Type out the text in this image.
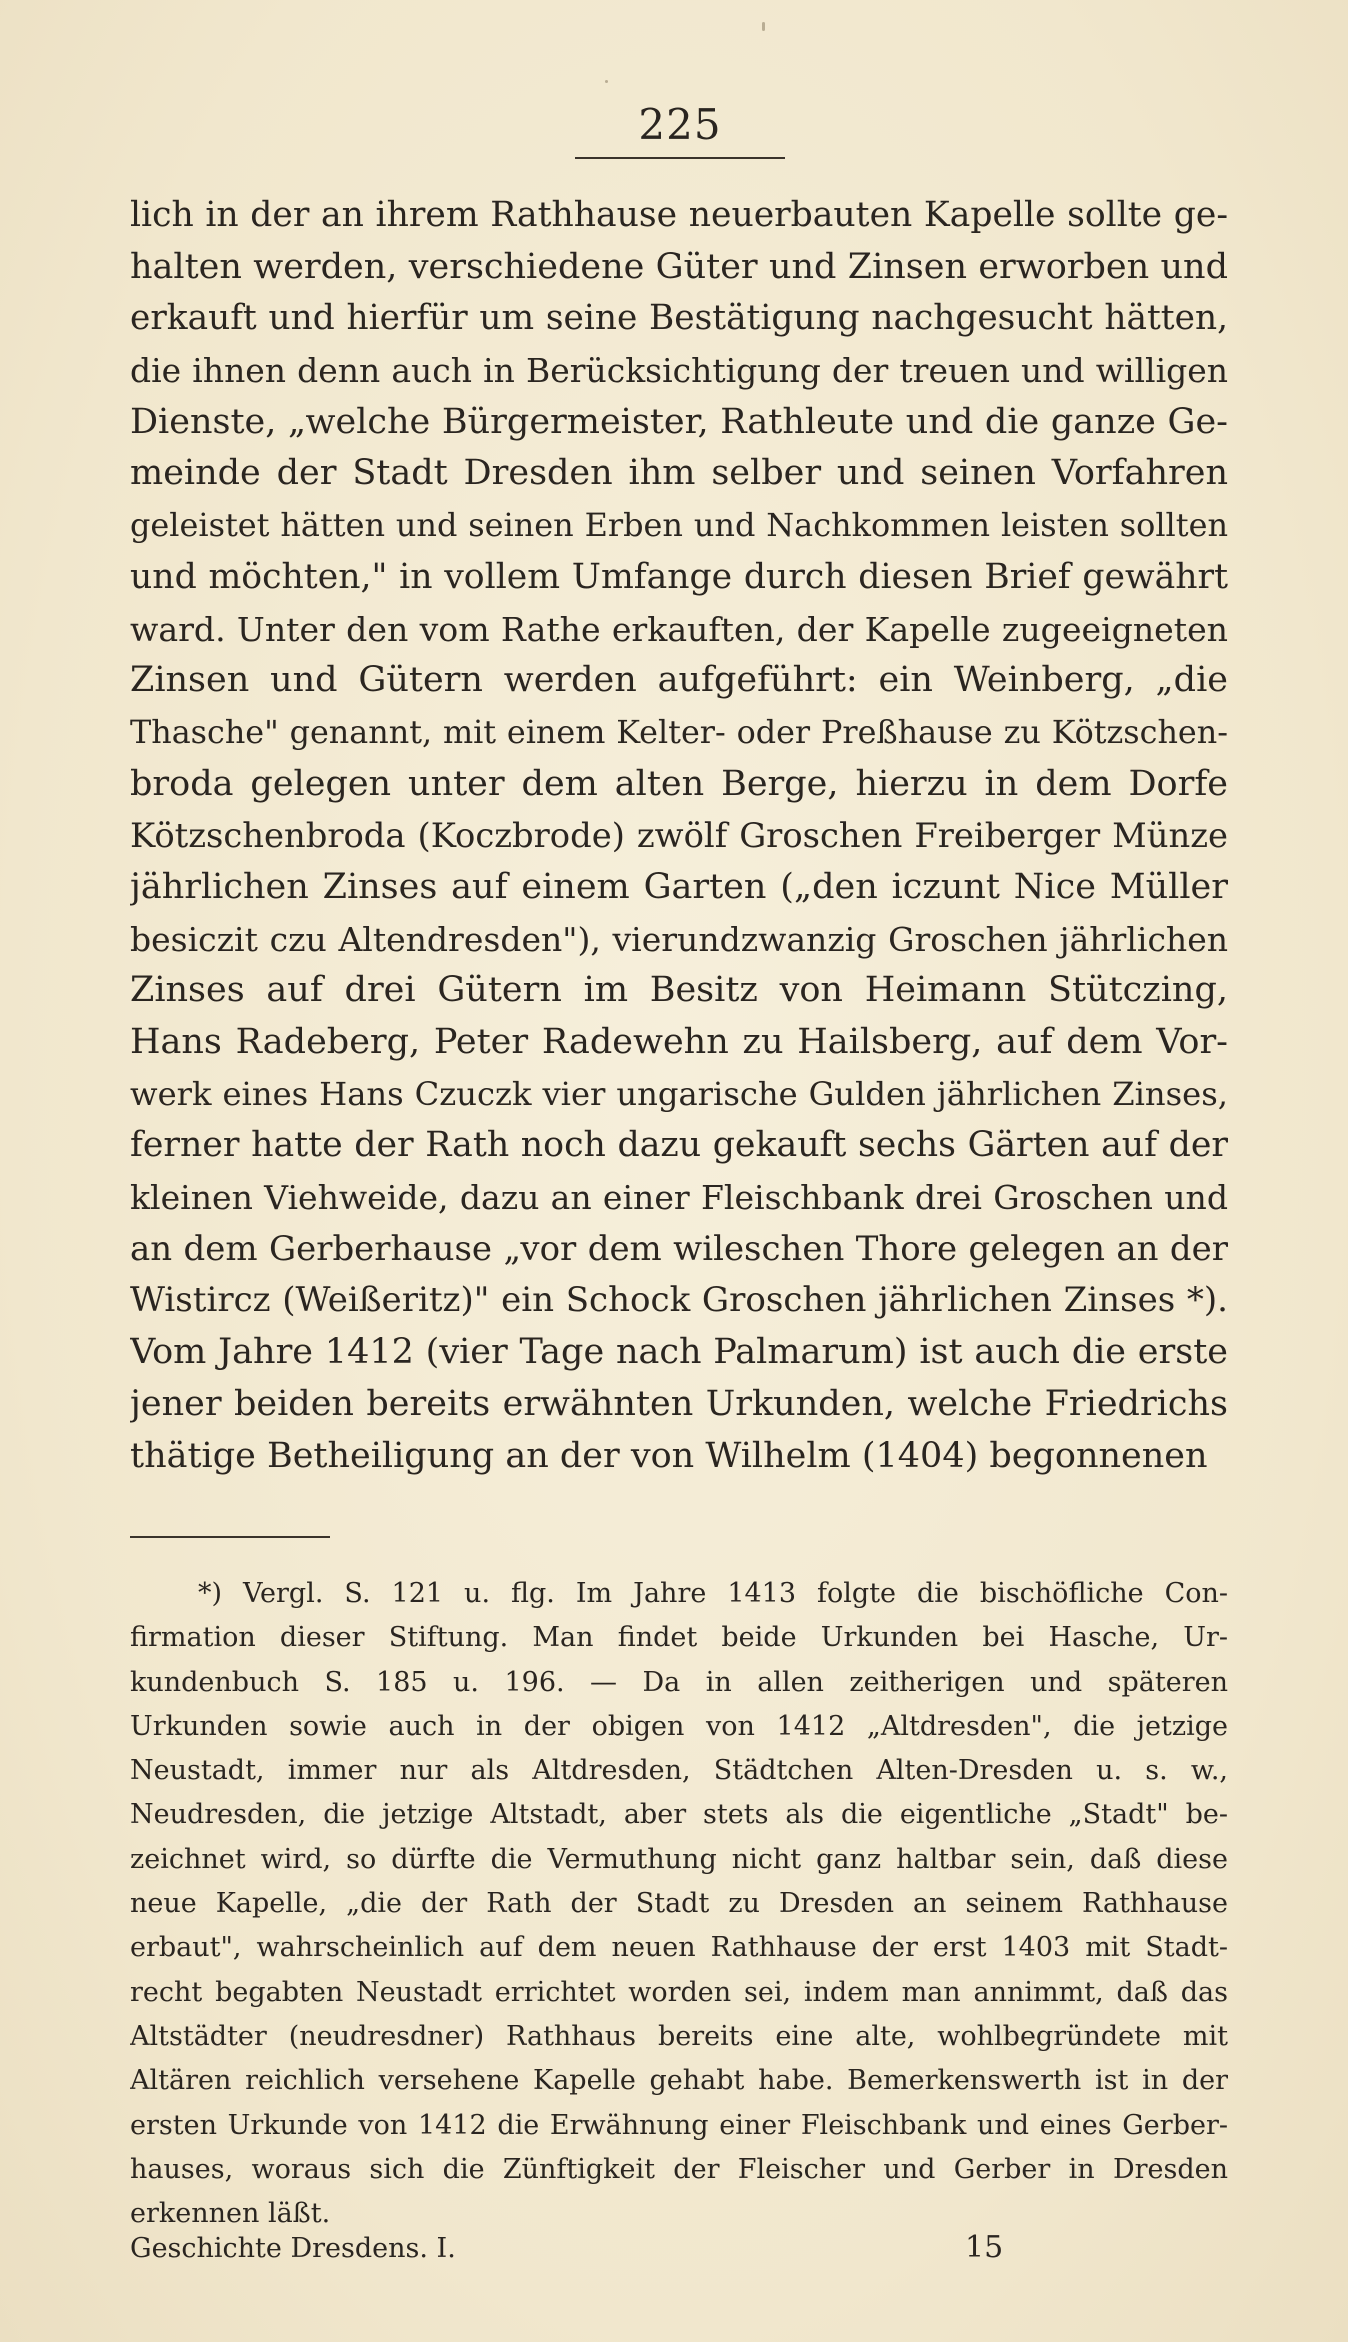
225
lich in der an ihrem Rathhause neuerbauten Kapelle sollte ge-
halten werden, verschiedene Güter und Zinsen erworben und
erkauft und hierfür um seine Bestätigung nachgesucht hätten,
die ihnen denn auch in Berücksichtigung der treuen und willigen
Dienste, „welche Bürgermeister, Rathleute und die ganze Ge-
meinde der Stadt Dresden ihm selber und seinen Vorfahren
geleistet hätten und seinen Erben und Nachkommen leisten sollten
und möchten," in vollem Umfange durch diesen Brief gewährt
ward. Unter den vom Rathe erkauften, der Kapelle zugeeigneten
Zinsen und Gütern werden aufgeführt: ein Weinberg, „die
Thasche" genannt, mit einem Kelter- oder Preßhause zu Kötzschen-
broda gelegen unter dem alten Berge, hierzu in dem Dorfe
Kötzschenbroda (Koczbrode) zwölf Groschen Freiberger Münze
jährlichen Zinses auf einem Garten („den iczunt Nice Müller
besiczit czu Altendresden"), vierundzwanzig Groschen jährlichen
Zinses auf drei Gütern im Besitz von Heimann Stütczing,
Hans Radeberg, Peter Radewehn zu Hailsberg, auf dem Vor-
werk eines Hans Czuczk vier ungarische Gulden jährlichen Zinses,
ferner hatte der Rath noch dazu gekauft sechs Gärten auf der
kleinen Viehweide, dazu an einer Fleischbank drei Groschen und
an dem Gerberhause „vor dem wileschen Thore gelegen an der
Wistircz (Weißeritz)" ein Schock Groschen jährlichen Zinses *).
Vom Jahre 1412 (vier Tage nach Palmarum) ist auch die erste
jener beiden bereits erwähnten Urkunden, welche Friedrichs
thätige Betheiligung an der von Wilhelm (1404) begonnenen
*) Vergl. S. 121 u. flg. Im Jahre 1413 folgte die bischöfliche Con-
firmation dieser Stiftung. Man findet beide Urkunden bei Hasche, Ur-
kundenbuch S. 185 u. 196. — Da in allen zeitherigen und späteren
Urkunden sowie auch in der obigen von 1412 „Altdresden", die jetzige
Neustadt, immer nur als Altdresden, Städtchen Alten-Dresden u. s. w.,
Neudresden, die jetzige Altstadt, aber stets als die eigentliche „Stadt" be-
zeichnet wird, so dürfte die Vermuthung nicht ganz haltbar sein, daß diese
neue Kapelle, „die der Rath der Stadt zu Dresden an seinem Rathhause
erbaut", wahrscheinlich auf dem neuen Rathhause der erst 1403 mit Stadt-
recht begabten Neustadt errichtet worden sei, indem man annimmt, daß das
Altstädter (neudresdner) Rathhaus bereits eine alte, wohlbegründete mit
Altären reichlich versehene Kapelle gehabt habe. Bemerkenswerth ist in der
ersten Urkunde von 1412 die Erwähnung einer Fleischbank und eines Gerber-
hauses, woraus sich die Zünftigkeit der Fleischer und Gerber in Dresden
erkennen läßt.
Geschichte Dresdens. I.	15
